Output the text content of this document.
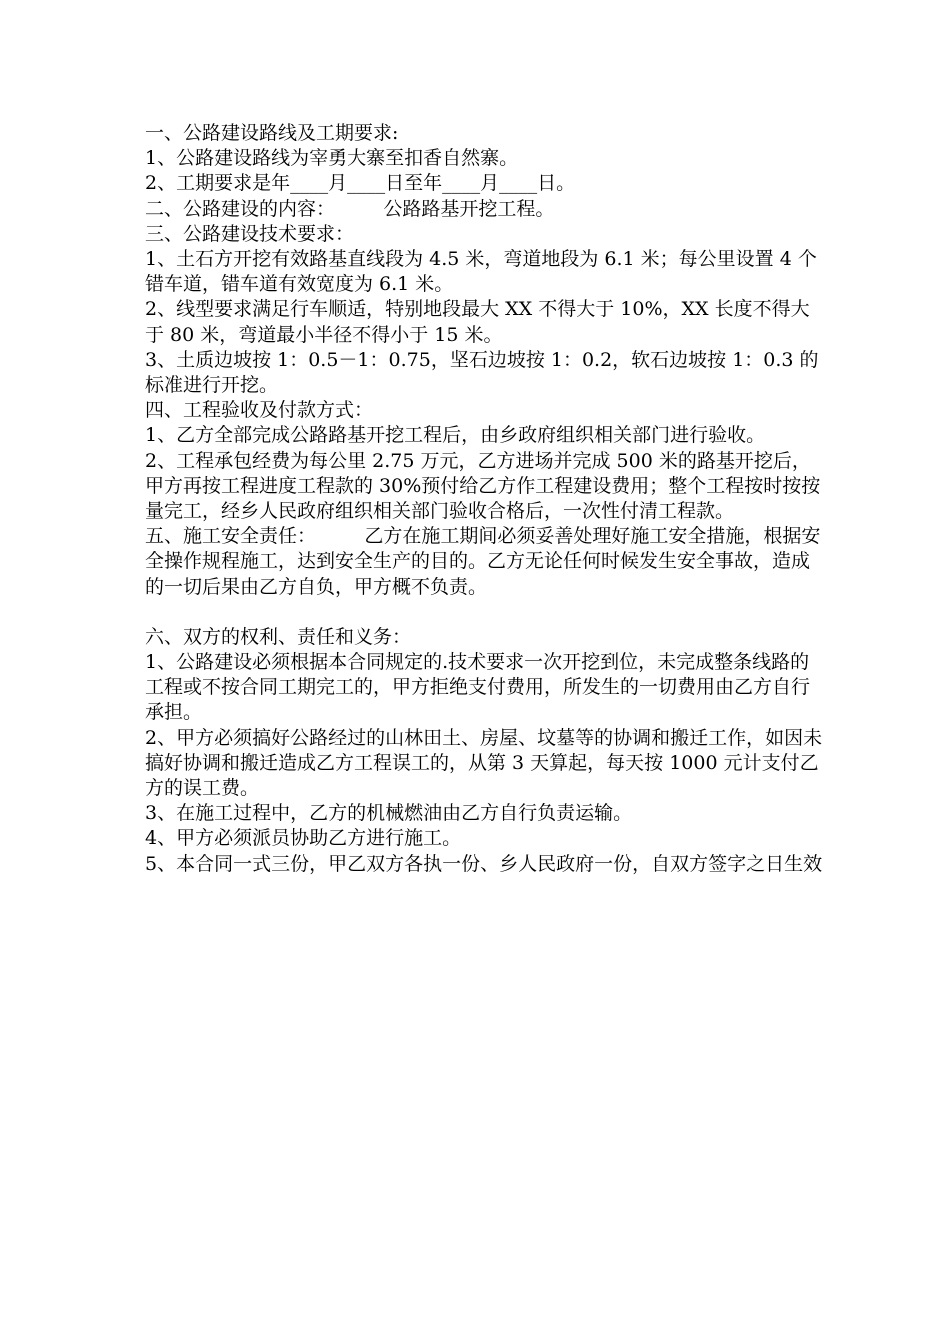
一、公路建设路线及工期要求:

1、公路建设路线为宰勇大寨至扣香自然寨。

2、工期要求是年____月____日至年____月____日。

二、公路建设的内容：        公路路基开挖工程。

三、公路建设技术要求：

1、土石方开挖有效路基直线段为 4.5 米，弯道地段为 6.1 米；每公里设置 4 个错车道，错车道有效宽度为 6.1 米。

2、线型要求满足行车顺适，特别地段最大 XX 不得大于 10%，XX 长度不得大于 80 米，弯道最小半径不得小于 15 米。

3、土质边坡按 1：0.5－1：0.75，坚石边坡按 1：0.2，软石边坡按 1：0.3 的标准进行开挖。

四、工程验收及付款方式：

1、乙方全部完成公路路基开挖工程后，由乡政府组织相关部门进行验收。

2、工程承包经费为每公里 2.75 万元，乙方进场并完成 500 米的路基开挖后，甲方再按工程进度工程款的 30%预付给乙方作工程建设费用；整个工程按时按按量完工，经乡人民政府组织相关部门验收合格后，一次性付清工程款。

五、施工安全责任：        乙方在施工期间必须妥善处理好施工安全措施，根据安全操作规程施工，达到安全生产的目的。乙方无论任何时候发生安全事故，造成的一切后果由乙方自负，甲方概不负责。

六、双方的权利、责任和义务：

1、公路建设必须根据本合同规定的.技术要求一次开挖到位，未完成整条线路的工程或不按合同工期完工的，甲方拒绝支付费用，所发生的一切费用由乙方自行承担。

2、甲方必须搞好公路经过的山林田土、房屋、坟墓等的协调和搬迁工作，如因未搞好协调和搬迁造成乙方工程误工的，从第 3 天算起，每天按 1000 元计支付乙方的误工费。

3、在施工过程中，乙方的机械燃油由乙方自行负责运输。

4、甲方必须派员协助乙方进行施工。

5、本合同一式三份，甲乙双方各执一份、乡人民政府一份，自双方签字之日生效
